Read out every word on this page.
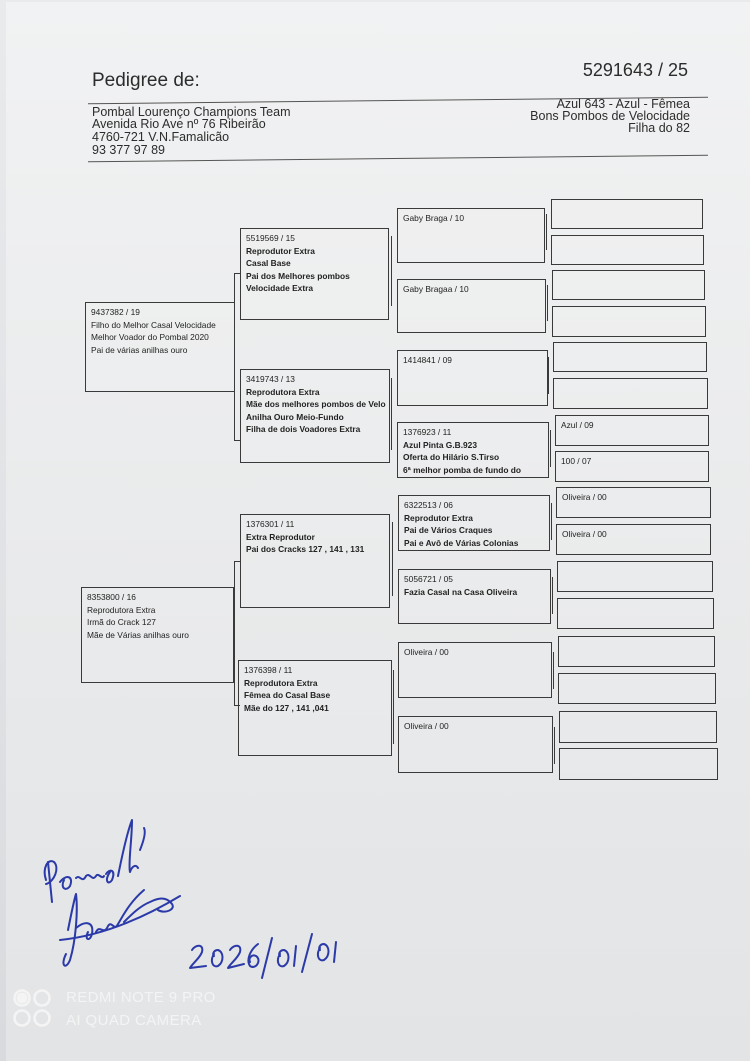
Pedigree de:	5291643 / 25
Pombal Lourenço Champions Team
Avenida Rio Ave nº 76 Ribeirão
4760-721 V.N.Famalicão
93 377 97 89
Azul 643 - Azul - Fêmea
Bons Pombos de Velocidade
Filha do 82
9437382 / 19
Filho do Melhor Casal Velocidade
Melhor Voador do Pombal 2020
Pai de várias anilhas ouro
8353800 / 16
Reprodutora Extra
Irmã do Crack 127
Mãe de Várias anilhas ouro
5519569 / 15
Reprodutor Extra
Casal Base
Pai dos Melhores pombos
Velocidade Extra
3419743 / 13
Reprodutora Extra
Mãe dos melhores pombos de Velo
Anilha Ouro Meio-Fundo
Filha de dois Voadores Extra
1376301 / 11
Extra Reprodutor
Pai dos Cracks 127 , 141 , 131
1376398 / 11
Reprodutora Extra
Fêmea do Casal Base
Mãe do 127 , 141 ,041
Gaby Braga / 10
Gaby Bragaa / 10
1414841 / 09
1376923 / 11
Azul Pinta G.B.923
Oferta do Hilário S.Tirso
6ª melhor pomba de fundo do
6322513 / 06
Reprodutor Extra
Pai de Vários Craques
Pai e Avô de Várias Colonias
5056721 / 05
Fazia Casal na Casa Oliveira
Oliveira / 00
Oliveira / 00
Azul / 09
100 / 07
Oliveira / 00
Oliveira / 00
REDMI NOTE 9 PRO
AI QUAD CAMERA
